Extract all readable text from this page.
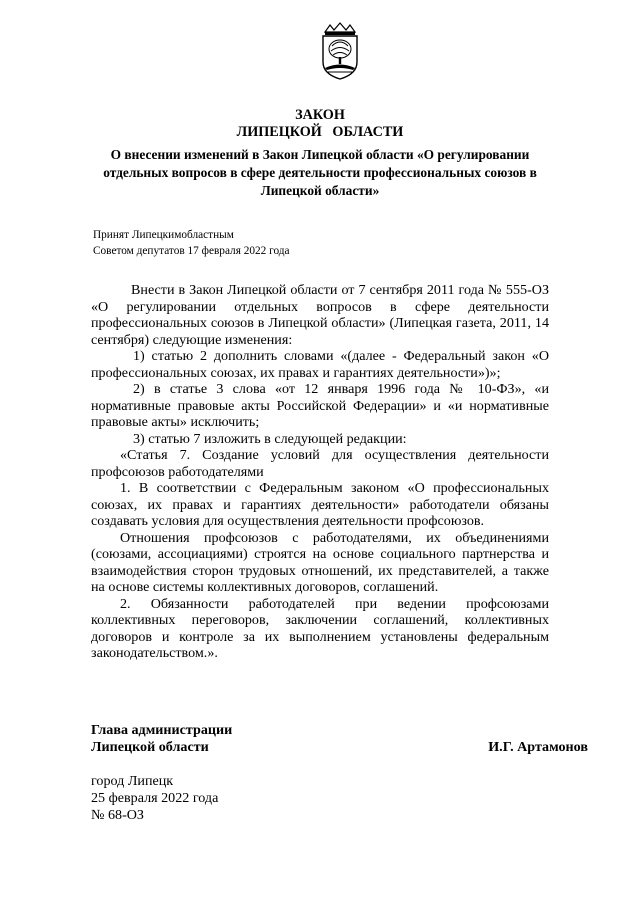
ЗАКОН
ЛИПЕЦКОЙ   ОБЛАСТИ
О внесении изменений в Закон Липецкой области «О регулировании отдельных вопросов в сфере деятельности профессиональных союзов в Липецкой области»
Принят Липецкимобластным
Советом депутатов 17 февраля 2022 года

Внести в Закон Липецкой области от 7 сентября 2011 года № 555-ОЗ «О регулировании отдельных вопросов в сфере деятельности профессиональных союзов в Липецкой области» (Липецкая газета, 2011, 14 сентября) следующие изменения:

1) статью 2 дополнить словами «(далее - Федеральный закон «О профессиональных союзах, их правах и гарантиях деятельности»)»;

2) в статье 3 слова «от 12 января 1996 года № 10-ФЗ», «и нормативные правовые акты Российской Федерации» и «и нормативные правовые акты» исключить;

3) статью 7 изложить в следующей редакции:

«Статья 7. Создание условий для осуществления деятельности профсоюзов работодателями

1. В соответствии с Федеральным законом «О профессиональных союзах, их правах и гарантиях деятельности» работодатели обязаны создавать условия для осуществления деятельности профсоюзов.

Отношения профсоюзов с работодателями, их объединениями (союзами, ассоциациями) строятся на основе социального партнерства и взаимодействия сторон трудовых отношений, их представителей, а также на основе системы коллективных договоров, соглашений.

2. Обязанности работодателей при ведении профсоюзами коллективных переговоров, заключении соглашений, коллективных договоров и контроле за их выполнением установлены федеральным законодательством.».

Глава администрации
Липецкой области	И.Г. Артамонов
город Липецк
25 февраля 2022 года
№ 68-ОЗ
